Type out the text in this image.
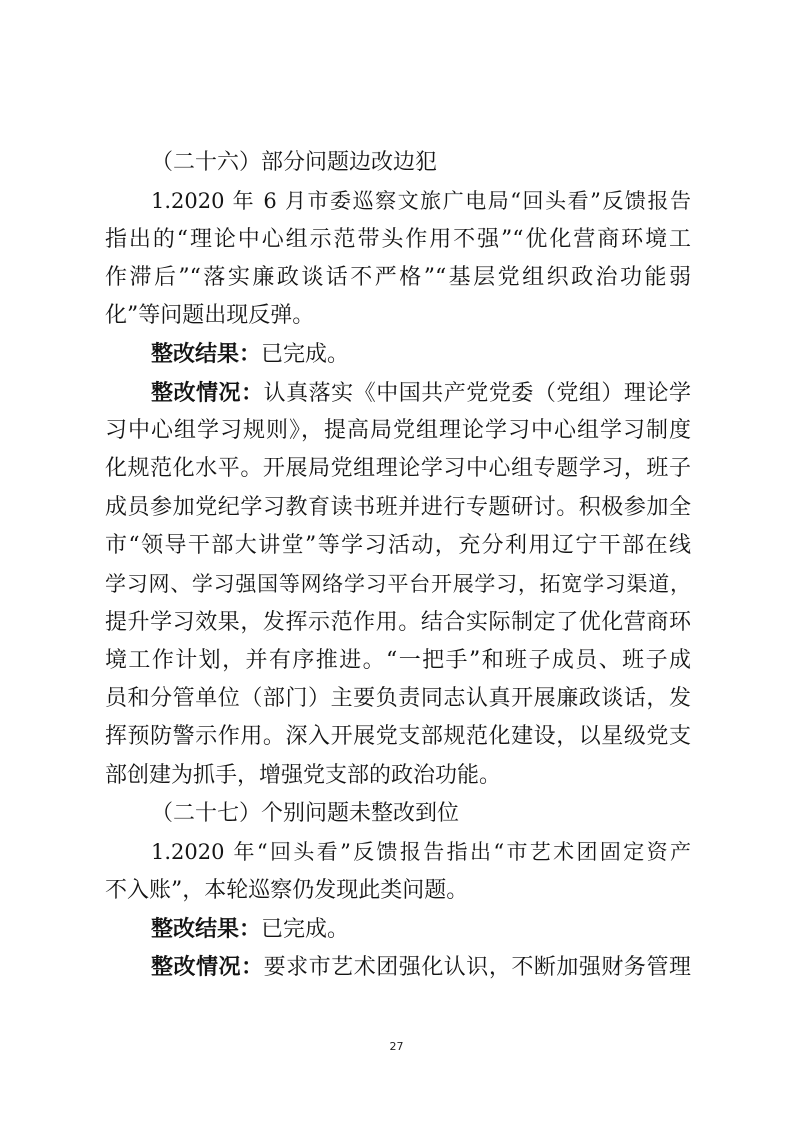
（二十六）部分问题边改边犯
1.2020 年 6 月市委巡察文旅广电局“回头看”反馈报告
指出的“理论中心组示范带头作用不强”“优化营商环境工
作滞后”“落实廉政谈话不严格”“基层党组织政治功能弱
化”等问题出现反弹。
整改结果：已完成。
整改情况：认真落实《中国共产党党委（党组）理论学
习中心组学习规则》，提高局党组理论学习中心组学习制度
化规范化水平。开展局党组理论学习中心组专题学习，班子
成员参加党纪学习教育读书班并进行专题研讨。积极参加全
市“领导干部大讲堂”等学习活动，充分利用辽宁干部在线
学习网、学习强国等网络学习平台开展学习，拓宽学习渠道，
提升学习效果，发挥示范作用。结合实际制定了优化营商环
境工作计划，并有序推进。“一把手”和班子成员、班子成
员和分管单位（部门）主要负责同志认真开展廉政谈话，发
挥预防警示作用。深入开展党支部规范化建设，以星级党支
部创建为抓手，增强党支部的政治功能。
（二十七）个别问题未整改到位
1.2020 年“回头看”反馈报告指出“市艺术团固定资产
不入账”，本轮巡察仍发现此类问题。
整改结果：已完成。
整改情况：要求市艺术团强化认识，不断加强财务管理
27
